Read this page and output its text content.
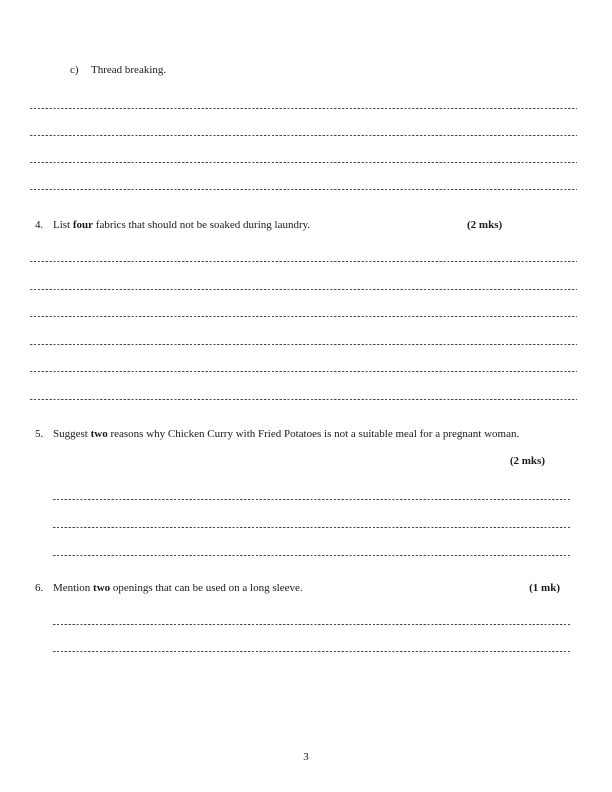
c) Thread breaking.
4. List four fabrics that should not be soaked during laundry.	(2 mks)
5. Suggest two reasons why Chicken Curry with Fried Potatoes is not a suitable meal for a pregnant woman.
(2 mks)
6. Mention two openings that can be used on a long sleeve.	(1 mk)
3
